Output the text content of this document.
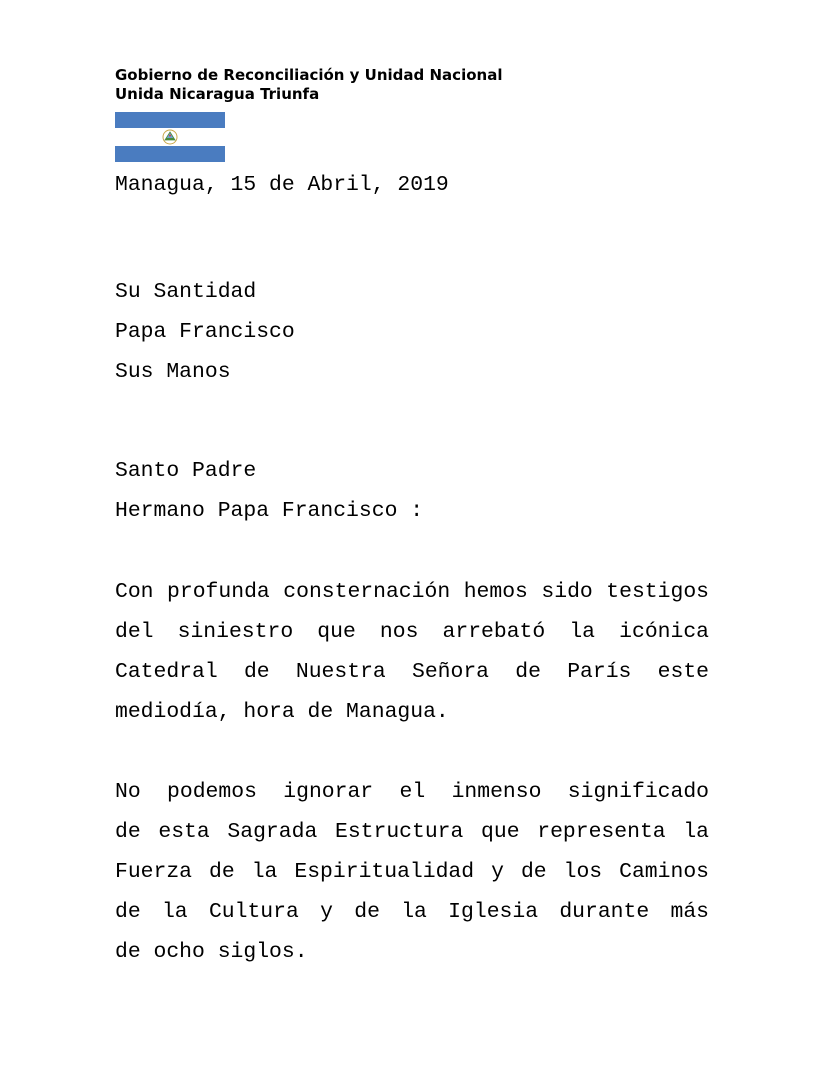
Gobierno de Reconciliación y Unidad Nacional
Unida Nicaragua Triunfa
Managua, 15 de Abril, 2019
Su Santidad
Papa Francisco
Sus Manos
Santo Padre
Hermano Papa Francisco :
Con profunda consternación hemos sido testigos
del siniestro que nos arrebató la icónica
Catedral de Nuestra Señora de París este
mediodía, hora de Managua.
No podemos ignorar el inmenso significado
de esta Sagrada Estructura que representa la
Fuerza de la Espiritualidad y de los Caminos
de la Cultura y de la Iglesia durante más
de ocho siglos.
